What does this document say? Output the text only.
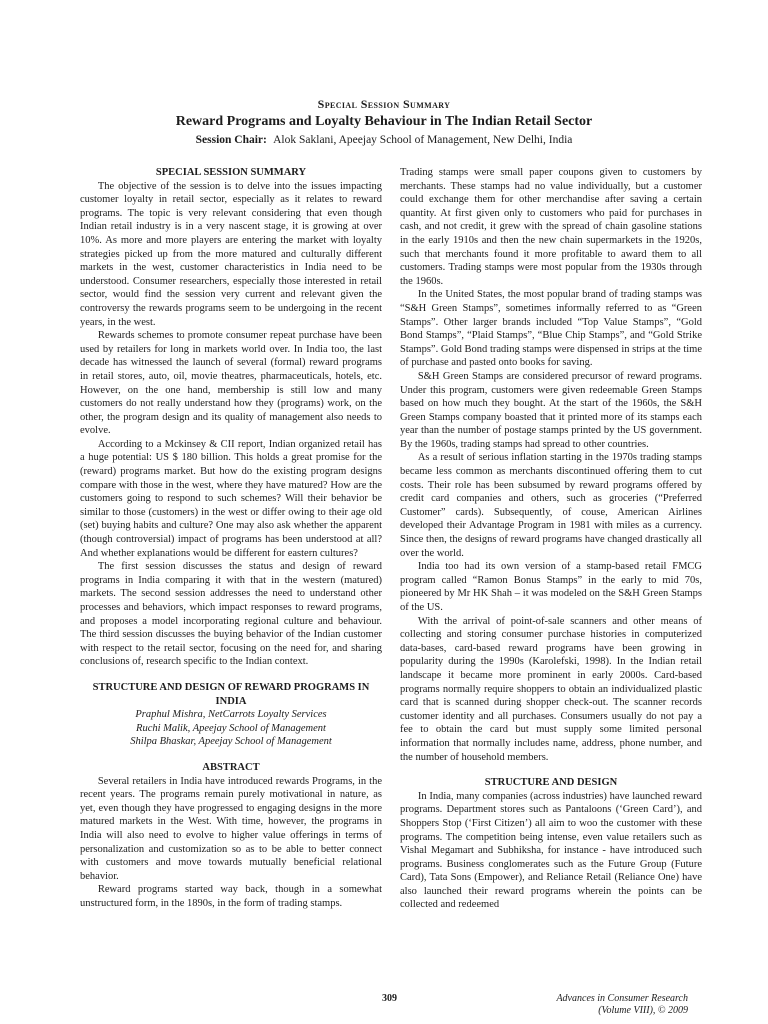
Special Session Summary
Reward Programs and Loyalty Behaviour in The Indian Retail Sector
Session Chair: Alok Saklani, Apeejay School of Management, New Delhi, India
SPECIAL SESSION SUMMARY

The objective of the session is to delve into the issues impacting customer loyalty in retail sector, especially as it relates to reward programs. The topic is very relevant considering that even though Indian retail industry is in a very nascent stage, it is growing at over 10%. As more and more players are entering the market with loyalty strategies picked up from the more matured and culturally different markets in the west, customer characteristics in India need to be understood. Consumer researchers, especially those interested in retail sector, would find the session very current and relevant given the controversy the rewards programs seem to be undergoing in the recent years, in the west.

Rewards schemes to promote consumer repeat purchase have been used by retailers for long in markets world over. In India too, the last decade has witnessed the launch of several (formal) reward programs in retail stores, auto, oil, movie theatres, pharmaceuticals, hotels, etc. However, on the one hand, membership is still low and many customers do not really understand how they (programs) work, on the other, the program design and its quality of management also needs to evolve.

According to a Mckinsey & CII report, Indian organized retail has a huge potential: US $ 180 billion. This holds a great promise for the (reward) programs market. But how do the existing program designs compare with those in the west, where they have matured? How are the customers going to respond to such schemes? Will their behavior be similar to those (customers) in the west or differ owing to their age old (set) buying habits and culture? One may also ask whether the apparent (though controversial) impact of programs has been understood at all? And whether explanations would be different for eastern cultures?

The first session discusses the status and design of reward programs in India comparing it with that in the western (matured) markets. The second session addresses the need to understand other processes and behaviors, which impact responses to reward programs, and proposes a model incorporating regional culture and behaviour. The third session discusses the buying behavior of the Indian customer with respect to the retail sector, focusing on the need for, and sharing conclusions of, research specific to the Indian context.

STRUCTURE AND DESIGN OF REWARD PROGRAMS IN INDIA
Praphul Mishra, NetCarrots Loyalty Services
Ruchi Malik, Apeejay School of Management
Shilpa Bhaskar, Apeejay School of Management
ABSTRACT

Several retailers in India have introduced rewards Programs, in the recent years. The programs remain purely motivational in nature, as yet, even though they have progressed to engaging designs in the more matured markets in the West. With time, however, the programs in India will also need to evolve to higher value offerings in terms of personalization and customization so as to be able to better connect with customers and move towards mutually beneficial relational behavior.

Reward programs started way back, though in a somewhat unstructured form, in the 1890s, in the form of trading stamps.

Trading stamps were small paper coupons given to customers by merchants. These stamps had no value individually, but a customer could exchange them for other merchandise after saving a certain quantity. At first given only to customers who paid for purchases in cash, and not credit, it grew with the spread of chain gasoline stations in the early 1910s and then the new chain supermarkets in the 1920s, such that merchants found it more profitable to award them to all customers. Trading stamps were most popular from the 1930s through the 1960s.

In the United States, the most popular brand of trading stamps was “S&H Green Stamps”, sometimes informally referred to as “Green Stamps”. Other larger brands included “Top Value Stamps”, “Gold Bond Stamps”, “Plaid Stamps”, “Blue Chip Stamps”, and “Gold Strike Stamps”. Gold Bond trading stamps were dispensed in strips at the time of purchase and pasted onto books for saving.

S&H Green Stamps are considered precursor of reward programs. Under this program, customers were given redeemable Green Stamps based on how much they bought. At the start of the 1960s, the S&H Green Stamps company boasted that it printed more of its stamps each year than the number of postage stamps printed by the US government. By the 1960s, trading stamps had spread to other countries.

As a result of serious inflation starting in the 1970s trading stamps became less common as merchants discontinued offering them to cut costs. Their role has been subsumed by reward programs offered by credit card companies and others, such as groceries (“Preferred Customer” cards). Subsequently, of couse, American Airlines developed their Advantage Program in 1981 with miles as a currency. Since then, the designs of reward programs have changed drastically all over the world.

India too had its own version of a stamp-based retail FMCG program called “Ramon Bonus Stamps” in the early to mid 70s, pioneered by Mr HK Shah – it was modeled on the S&H Green Stamps of the US.

With the arrival of point-of-sale scanners and other means of collecting and storing consumer purchase histories in computerized data-bases, card-based reward programs have been growing in popularity during the 1990s (Karolefski, 1998). In the Indian retail landscape it became more prominent in early 2000s. Card-based programs normally require shoppers to obtain an individualized plastic card that is scanned during shopper check-out. The scanner records customer identity and all purchases. Consumers usually do not pay a fee to obtain the card but must supply some limited personal information that normally includes name, address, phone number, and the number of household members.

STRUCTURE AND DESIGN

In India, many companies (across industries) have launched reward programs. Department stores such as Pantaloons (‘Green Card’), and Shoppers Stop (‘First Citizen’) all aim to woo the customer with these programs. The competition being intense, even value retailers such as Vishal Megamart and Subhiksha, for instance - have introduced such programs. Business conglomerates such as the Future Group (Future Card), Tata Sons (Empower), and Reliance Retail (Reliance One) have also launched their reward programs wherein the points can be collected and redeemed

309	Advances in Consumer Research
(Volume VIII), © 2009
